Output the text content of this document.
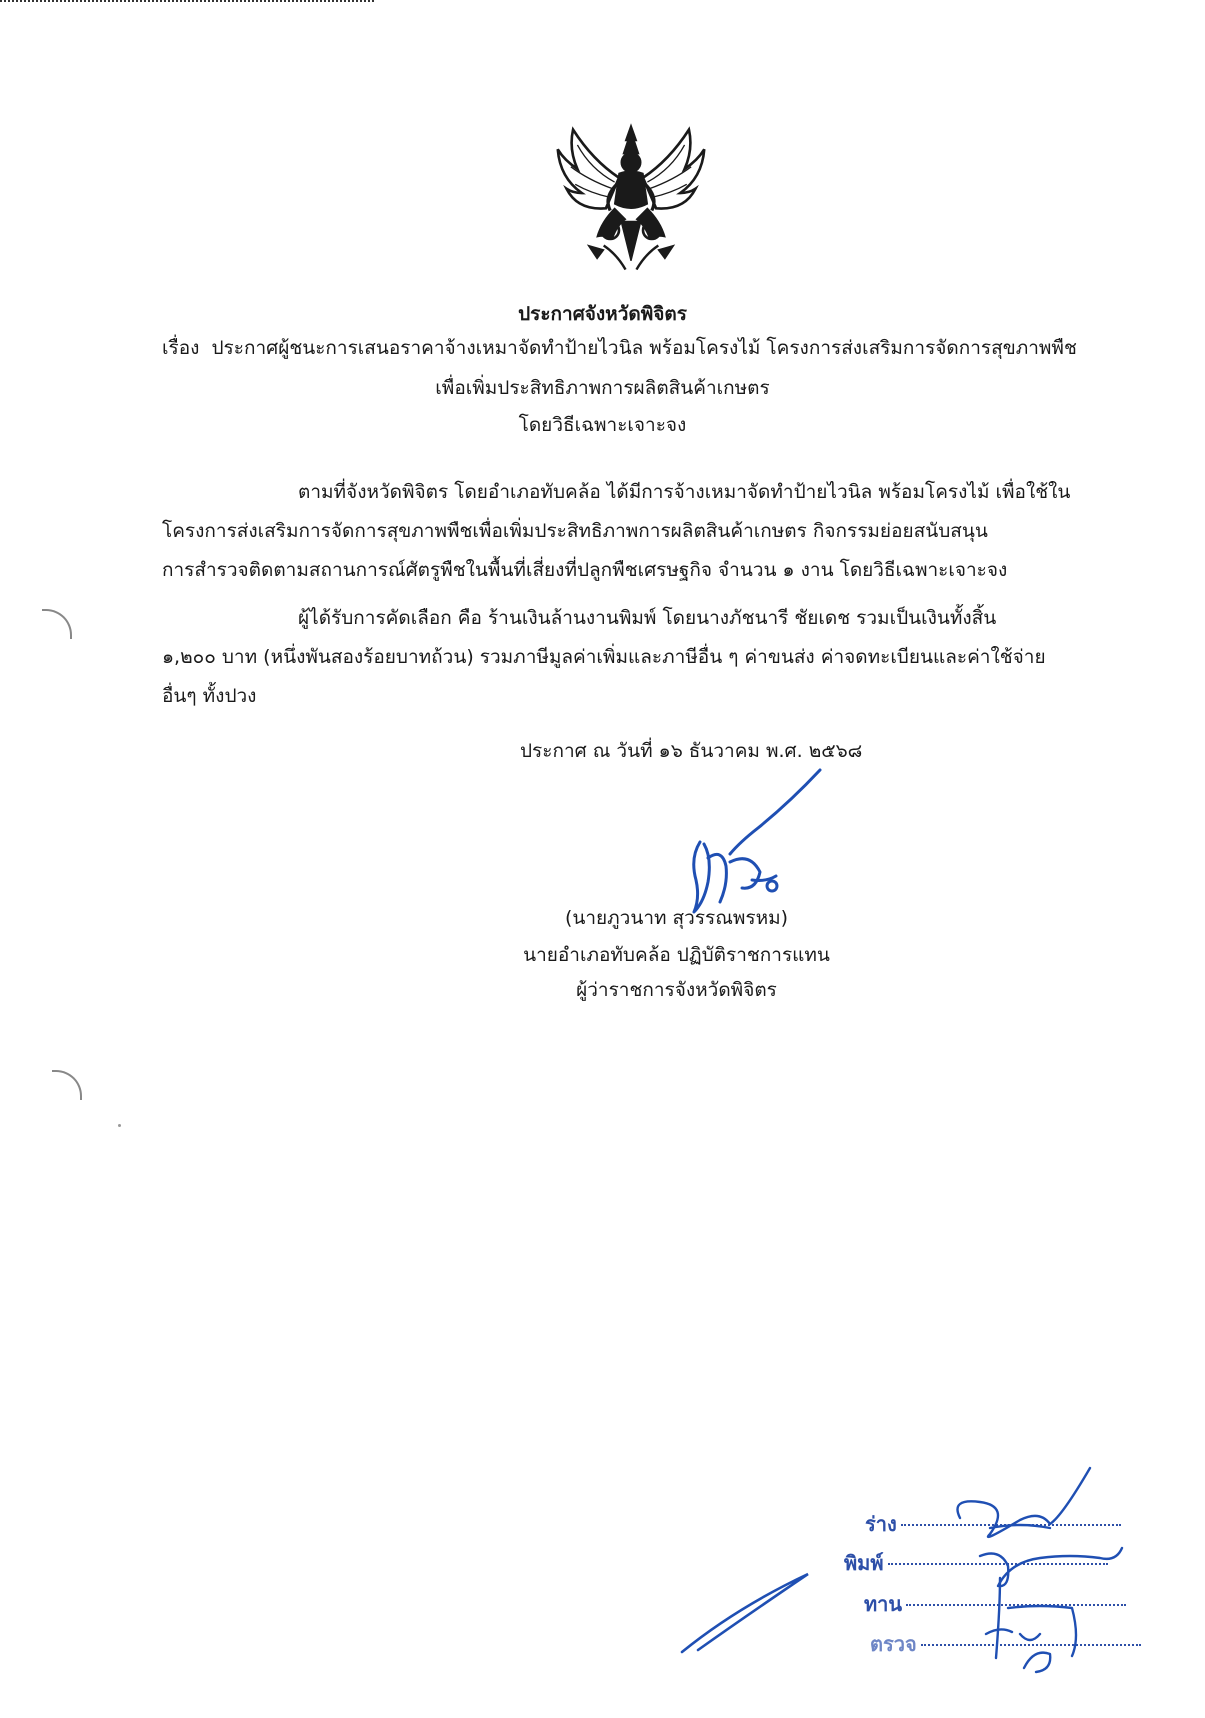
ประกาศจังหวัดพิจิตร
เรื่อง ประกาศผู้ชนะการเสนอราคาจ้างเหมาจัดทำป้ายไวนิล พร้อมโครงไม้ โครงการส่งเสริมการจัดการสุขภาพพืช
เพื่อเพิ่มประสิทธิภาพการผลิตสินค้าเกษตร
โดยวิธีเฉพาะเจาะจง
ตามที่จังหวัดพิจิตร โดยอำเภอทับคล้อ ได้มีการจ้างเหมาจัดทำป้ายไวนิล พร้อมโครงไม้ เพื่อใช้ใน
โครงการส่งเสริมการจัดการสุขภาพพืชเพื่อเพิ่มประสิทธิภาพการผลิตสินค้าเกษตร กิจกรรมย่อยสนับสนุน
การสำรวจติดตามสถานการณ์ศัตรูพืชในพื้นที่เสี่ยงที่ปลูกพืชเศรษฐกิจ จำนวน ๑ งาน โดยวิธีเฉพาะเจาะจง
ผู้ได้รับการคัดเลือก คือ ร้านเงินล้านงานพิมพ์ โดยนางภัชนารี ชัยเดช รวมเป็นเงินทั้งสิ้น
๑,๒๐๐ บาท (หนึ่งพันสองร้อยบาทถ้วน) รวมภาษีมูลค่าเพิ่มและภาษีอื่น ๆ ค่าขนส่ง ค่าจดทะเบียนและค่าใช้จ่าย
อื่นๆ ทั้งปวง
ประกาศ ณ วันที่ ๑๖ ธันวาคม พ.ศ. ๒๕๖๘
(นายภูวนาท สุวรรณพรหม)
นายอำเภอทับคล้อ ปฏิบัติราชการแทน
ผู้ว่าราชการจังหวัดพิจิตร
ร่าง
พิมพ์
ทาน
ตรวจ
